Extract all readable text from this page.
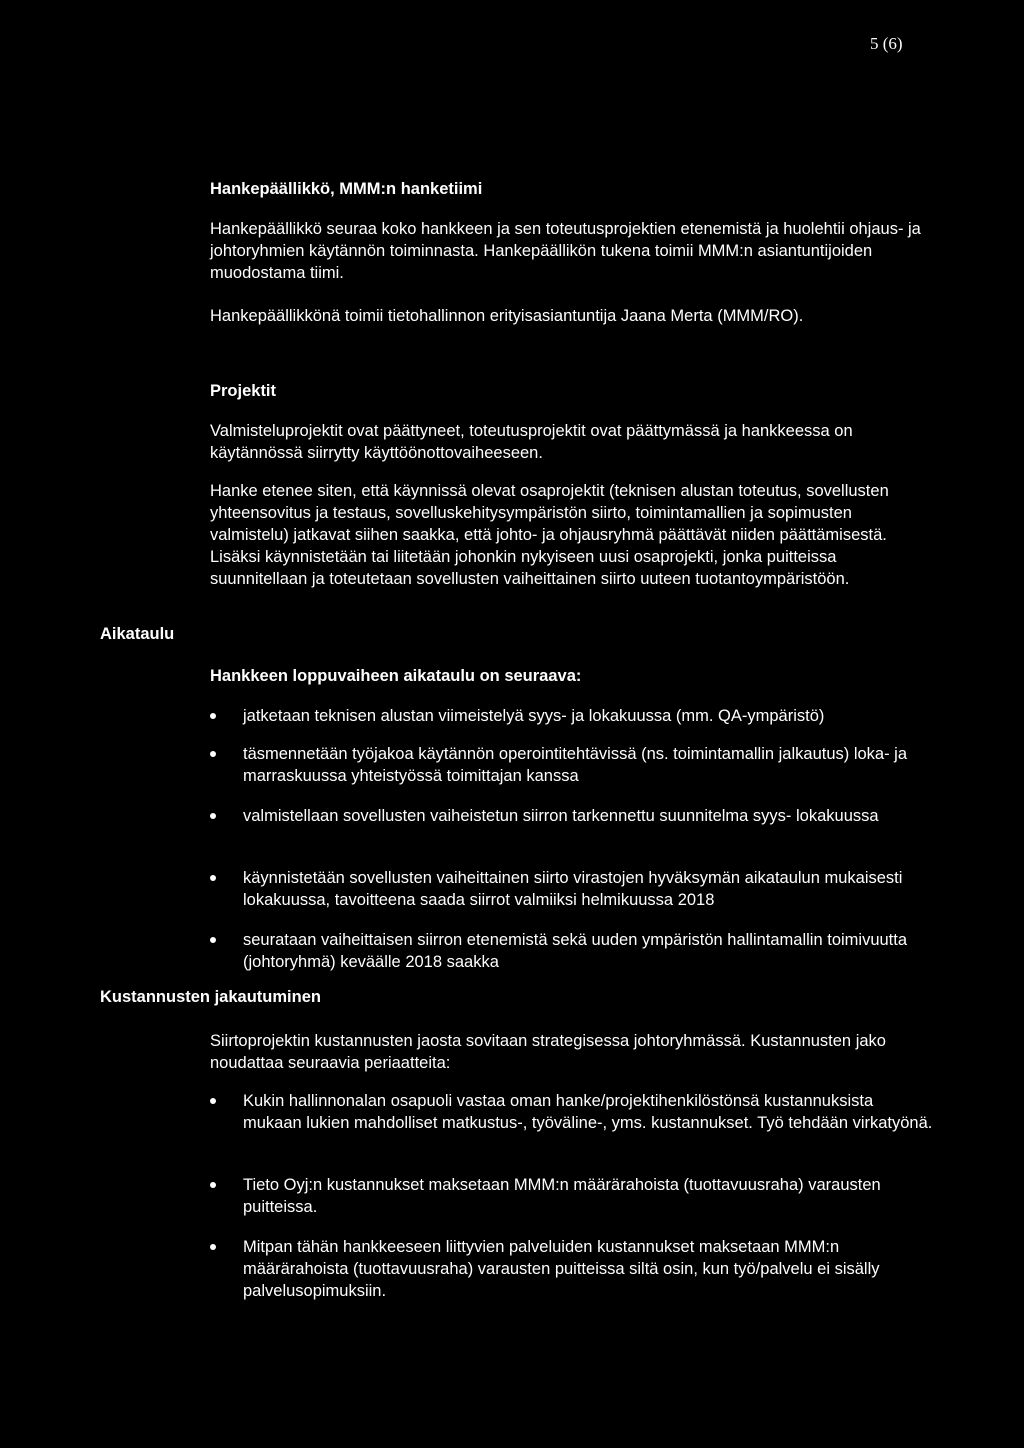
5 (6)
Hankepäällikkö, MMM:n hanketiimi
Hankepäällikkö seuraa koko hankkeen ja sen toteutusprojektien etenemistä ja huolehtii ohjaus- ja johtoryhmien käytännön toiminnasta. Hankepäällikön tukena toimii MMM:n asiantuntijoiden muodostama tiimi.
Hankepäällikkönä toimii tietohallinnon erityisasiantuntija Jaana Merta (MMM/RO).
Projektit
Valmisteluprojektit ovat päättyneet, toteutusprojektit ovat päättymässä ja hankkeessa on käytännössä siirrytty käyttöönottovaiheeseen.
Hanke etenee siten, että käynnissä olevat osaprojektit (teknisen alustan toteutus, sovellusten yhteensovitus ja testaus, sovelluskehitysympäristön siirto, toimintamallien ja sopimusten valmistelu) jatkavat siihen saakka, että johto- ja ohjausryhmä päättävät niiden päättämisestä. Lisäksi käynnistetään tai liitetään johonkin nykyiseen uusi osaprojekti, jonka puitteissa suunnitellaan ja toteutetaan sovellusten vaiheittainen siirto uuteen tuotantoympäristöön.
Aikataulu
Hankkeen loppuvaiheen aikataulu on seuraava:
jatketaan teknisen alustan viimeistelyä syys- ja lokakuussa (mm. QA-ympäristö)
täsmennetään työjakoa käytännön operointitehtävissä (ns. toimintamallin jalkautus) loka- ja marraskuussa yhteistyössä toimittajan kanssa
valmistellaan sovellusten vaiheistetun siirron tarkennettu suunnitelma syys- lokakuussa
käynnistetään sovellusten vaiheittainen siirto virastojen hyväksymän aikataulun mukaisesti lokakuussa, tavoitteena saada siirrot valmiiksi helmikuussa 2018
seurataan vaiheittaisen siirron etenemistä sekä uuden ympäristön hallintamallin toimivuutta (johtoryhmä) keväälle 2018 saakka
Kustannusten jakautuminen
Siirtoprojektin kustannusten jaosta sovitaan strategisessa johtoryhmässä. Kustannusten jako noudattaa seuraavia periaatteita:
Kukin hallinnonalan osapuoli vastaa oman hanke/projektihenkilöstönsä kustannuksista mukaan lukien mahdolliset matkustus-, työväline-, yms. kustannukset. Työ tehdään virkatyönä.
Tieto Oyj:n kustannukset maksetaan MMM:n määrärahoista (tuottavuusraha) varausten puitteissa.
Mitpan tähän hankkeeseen liittyvien palveluiden kustannukset maksetaan MMM:n määrärahoista (tuottavuusraha) varausten puitteissa siltä osin, kun työ/palvelu ei sisälly palvelusopimuksiin.
